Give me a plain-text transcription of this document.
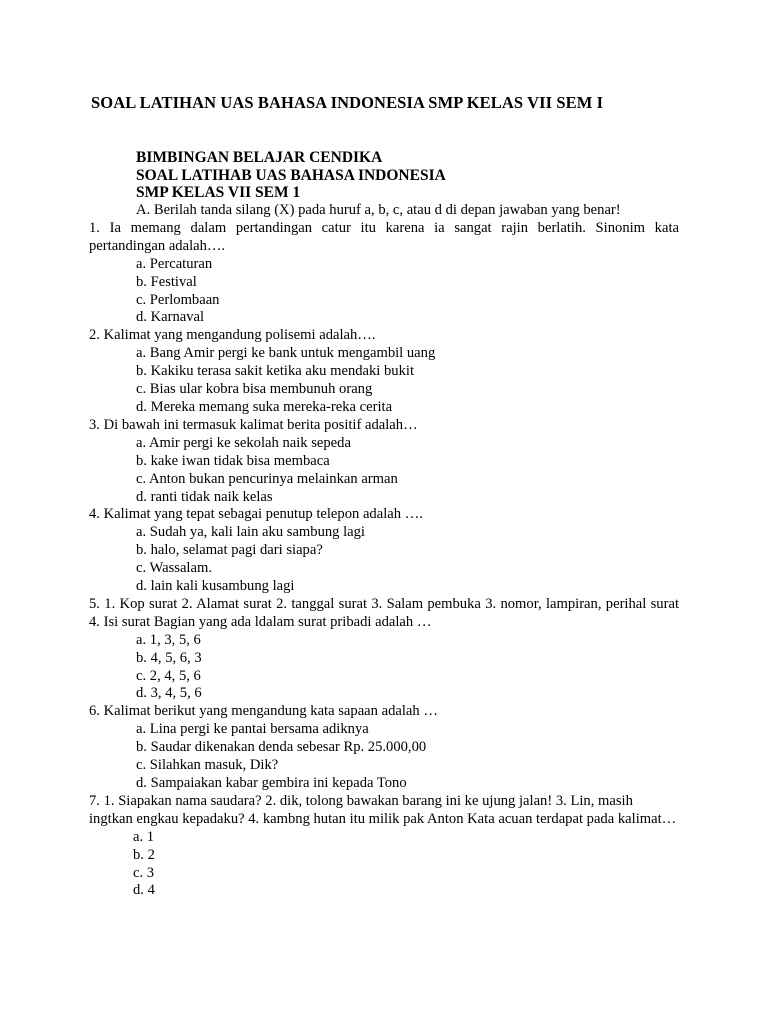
SOAL LATIHAN UAS BAHASA INDONESIA SMP KELAS VII SEM I
BIMBINGAN BELAJAR CENDIKA
SOAL LATIHAB UAS BAHASA INDONESIA
SMP KELAS VII SEM 1
A. Berilah tanda silang (X) pada huruf a, b, c, atau d di depan jawaban yang benar!
1. Ia memang dalam pertandingan catur itu karena ia sangat rajin berlatih. Sinonim kata pertandingan adalah….
a. Percaturan
b. Festival
c. Perlombaan
d. Karnaval
2. Kalimat yang mengandung polisemi adalah….
a. Bang Amir pergi ke bank untuk mengambil uang
b. Kakiku terasa sakit ketika aku mendaki bukit
c. Bias ular kobra bisa membunuh orang
d. Mereka memang suka mereka-reka cerita
3. Di bawah ini termasuk kalimat berita positif adalah…
a. Amir pergi ke sekolah naik sepeda
b. kake iwan tidak bisa membaca
c. Anton bukan pencurinya melainkan arman
d. ranti tidak naik kelas
4. Kalimat yang tepat sebagai penutup telepon adalah ….
a. Sudah ya, kali lain aku sambung lagi
b. halo, selamat pagi dari siapa?
c. Wassalam.
d. lain kali kusambung lagi
5. 1. Kop surat 2. Alamat surat 2. tanggal surat 3. Salam pembuka 3. nomor, lampiran, perihal surat 4. Isi surat Bagian yang ada ldalam surat pribadi adalah …
a. 1, 3, 5, 6
b. 4, 5, 6, 3
c. 2, 4, 5, 6
d. 3, 4, 5, 6
6. Kalimat berikut yang mengandung kata sapaan adalah …
a. Lina pergi ke pantai bersama adiknya
b. Saudar dikenakan denda sebesar Rp. 25.000,00
c. Silahkan masuk, Dik?
d. Sampaiakan kabar gembira ini kepada Tono
7. 1. Siapakan nama saudara? 2. dik, tolong bawakan barang ini ke ujung jalan! 3. Lin, masih ingtkan engkau kepadaku? 4. kambng hutan itu milik pak Anton Kata acuan terdapat pada kalimat…
a. 1
b. 2
c. 3
d. 4
